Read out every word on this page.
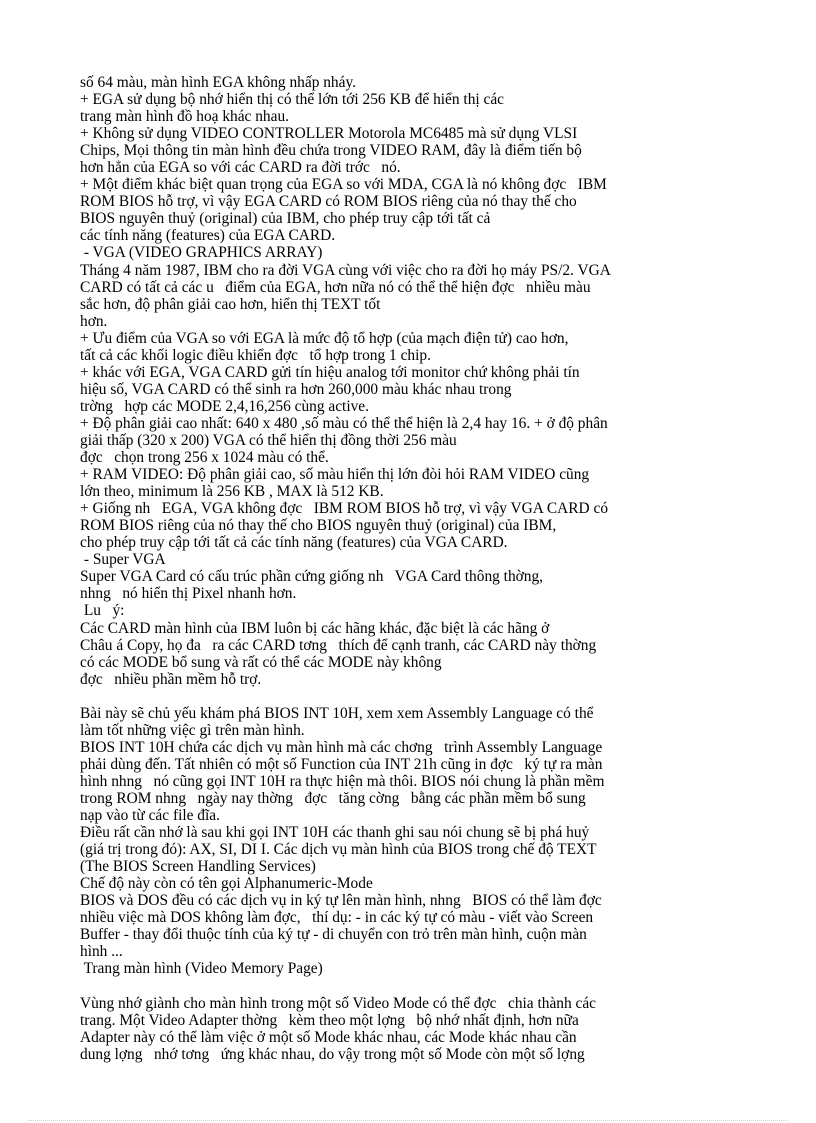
số 64 màu, màn hình EGA không nhấp nháy.
+ EGA sử dụng bộ nhớ hiển thị có thể lớn tới 256 KB để hiển thị các
trang màn hình đồ hoạ khác nhau.
+ Không sử dụng VIDEO CONTROLLER Motorola MC6485 mà sử dụng VLSI
Chips, Mọi thông tin màn hình đều chứa trong VIDEO RAM, đây là điểm tiến bộ
hơn hẳn của EGA so với các CARD ra đời trớc   nó.
+ Một điểm khác biệt quan trọng của EGA so với MDA, CGA là nó không đợc   IBM
ROM BIOS hỗ trợ, vì vậy EGA CARD có ROM BIOS riêng của nó thay thế cho
BIOS nguyên thuỷ (original) của IBM, cho phép truy cập tới tất cả
các tính năng (features) của EGA CARD.
- VGA (VIDEO GRAPHICS ARRAY)
Tháng 4 năm 1987, IBM cho ra đời VGA cùng với việc cho ra đời họ máy PS/2. VGA
CARD có tất cả các u   điểm của EGA, hơn nữa nó có thể thể hiện đợc   nhiều màu
sắc hơn, độ phân giải cao hơn, hiển thị TEXT tốt
hơn.
+ Ưu điểm của VGA so với EGA là mức độ tổ hợp (của mạch điện tử) cao hơn,
tất cả các khối logic điều khiển đợc   tổ hợp trong 1 chip.
+ khác với EGA, VGA CARD gửi tín hiệu analog tới monitor chứ không phải tín
hiệu số, VGA CARD có thể sinh ra hơn 260,000 màu khác nhau trong
trờng   hợp các MODE 2,4,16,256 cùng active.
+ Độ phân giải cao nhất: 640 x 480 ,số màu có thể thể hiện là 2,4 hay 16. + ở độ phân
giải thấp (320 x 200) VGA có thể hiển thị đồng thời 256 màu
đợc   chọn trong 256 x 1024 màu có thể.
+ RAM VIDEO: Độ phân giải cao, số màu hiển thị lớn đòi hỏi RAM VIDEO cũng
lớn theo, minimum là 256 KB , MAX là 512 KB.
+ Giống nh   EGA, VGA không đợc   IBM ROM BIOS hỗ trợ, vì vậy VGA CARD có
ROM BIOS riêng của nó thay thế cho BIOS nguyên thuỷ (original) của IBM,
cho phép truy cập tới tất cả các tính năng (features) của VGA CARD.
- Super VGA
Super VGA Card có cấu trúc phần cứng giống nh   VGA Card thông thờng,
nhng   nó hiển thị Pixel nhanh hơn.
Lu   ý:
Các CARD màn hình của IBM luôn bị các hãng khác, đặc biệt là các hãng ở
Châu á Copy, họ đa   ra các CARD tơng   thích để cạnh tranh, các CARD này thờng
có các MODE bổ sung và rất có thể các MODE này không
đợc   nhiều phần mềm hỗ trợ.
Bài này sẽ chủ yếu khám phá BIOS INT 10H, xem xem Assembly Language có thể
làm tốt những việc gì trên màn hình.
BIOS INT 10H chứa các dịch vụ màn hình mà các chơng   trình Assembly Language
phải dùng đến. Tất nhiên có một số Function của INT 21h cũng in đợc   ký tự ra màn
hình nhng   nó cũng gọi INT 10H ra thực hiện mà thôi. BIOS nói chung là phần mềm
trong ROM nhng   ngày nay thờng   đợc   tăng cờng   bằng các phần mềm bổ sung
nạp vào từ các file đĩa.
Điều rất cần nhớ là sau khi gọi INT 10H các thanh ghi sau nói chung sẽ bị phá huỷ
(giá trị trong đó): AX, SI, DI I. Các dịch vụ màn hình của BIOS trong chế độ TEXT
(The BIOS Screen Handling Services)
Chế độ này còn có tên gọi Alphanumeric-Mode
BIOS và DOS đều có các dịch vụ in ký tự lên màn hình, nhng   BIOS có thể làm đợc
nhiều việc mà DOS không làm đợc,   thí dụ: - in các ký tự có màu - viết vào Screen
Buffer - thay đổi thuộc tính của ký tự - di chuyển con trỏ trên màn hình, cuộn màn
hình ...
Trang màn hình (Video Memory Page)
Vùng nhớ giành cho màn hình trong một số Video Mode có thể đợc   chia thành các
trang. Một Video Adapter thờng   kèm theo một lợng   bộ nhớ nhất định, hơn nữa
Adapter này có thể làm việc ở một số Mode khác nhau, các Mode khác nhau cần
dung lợng   nhớ tơng   ứng khác nhau, do vậy trong một số Mode còn một số lợng
